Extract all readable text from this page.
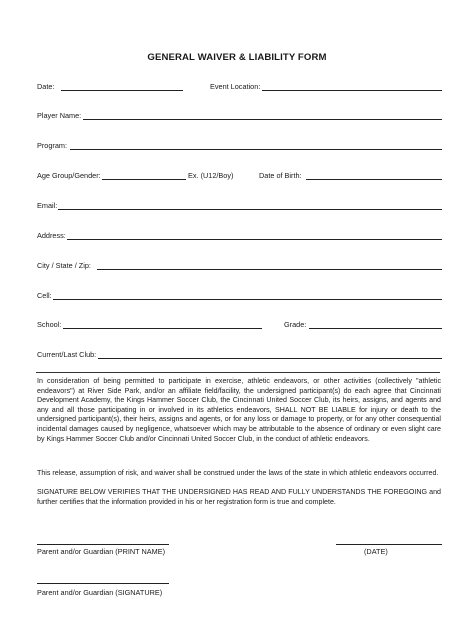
GENERAL WAIVER & LIABILITY FORM
Date:	Event Location:
Player Name:
Program:
Age Group/Gender:	Ex. (U12/Boy)	Date of Birth:
Email:
Address:
City / State / Zip:
Cell:
School:	Grade:
Current/Last Club:
In consideration of being permitted to participate in exercise, athletic endeavors, or other activities (collectively "athletic endeavors") at River Side Park, and/or an affiliate field/facility, the undersigned participant(s) do each agree that Cincinnati Development Academy, the Kings Hammer Soccer Club, the Cincinnati United Soccer Club, its heirs, assigns, and agents and any and all those participating in or involved in its athletics endeavors, SHALL NOT BE LIABLE for injury or death to the undersigned participant(s), their heirs, assigns and agents, or for any loss or damage to property, or for any other consequential incidental damages caused by negligence, whatsoever which may be attributable to the absence of ordinary or even slight care by Kings Hammer Soccer Club and/or Cincinnati United Soccer Club, in the conduct of athletic endeavors.
This release, assumption of risk, and waiver shall be construed under the laws of the state in which athletic endeavors occurred.
SIGNATURE BELOW VERIFIES THAT THE UNDERSIGNED HAS READ AND FULLY UNDERSTANDS THE FOREGOING and further certifies that the information provided in his or her registration form is true and complete.
Parent and/or Guardian (PRINT NAME)	(DATE)
Parent and/or Guardian (SIGNATURE)
